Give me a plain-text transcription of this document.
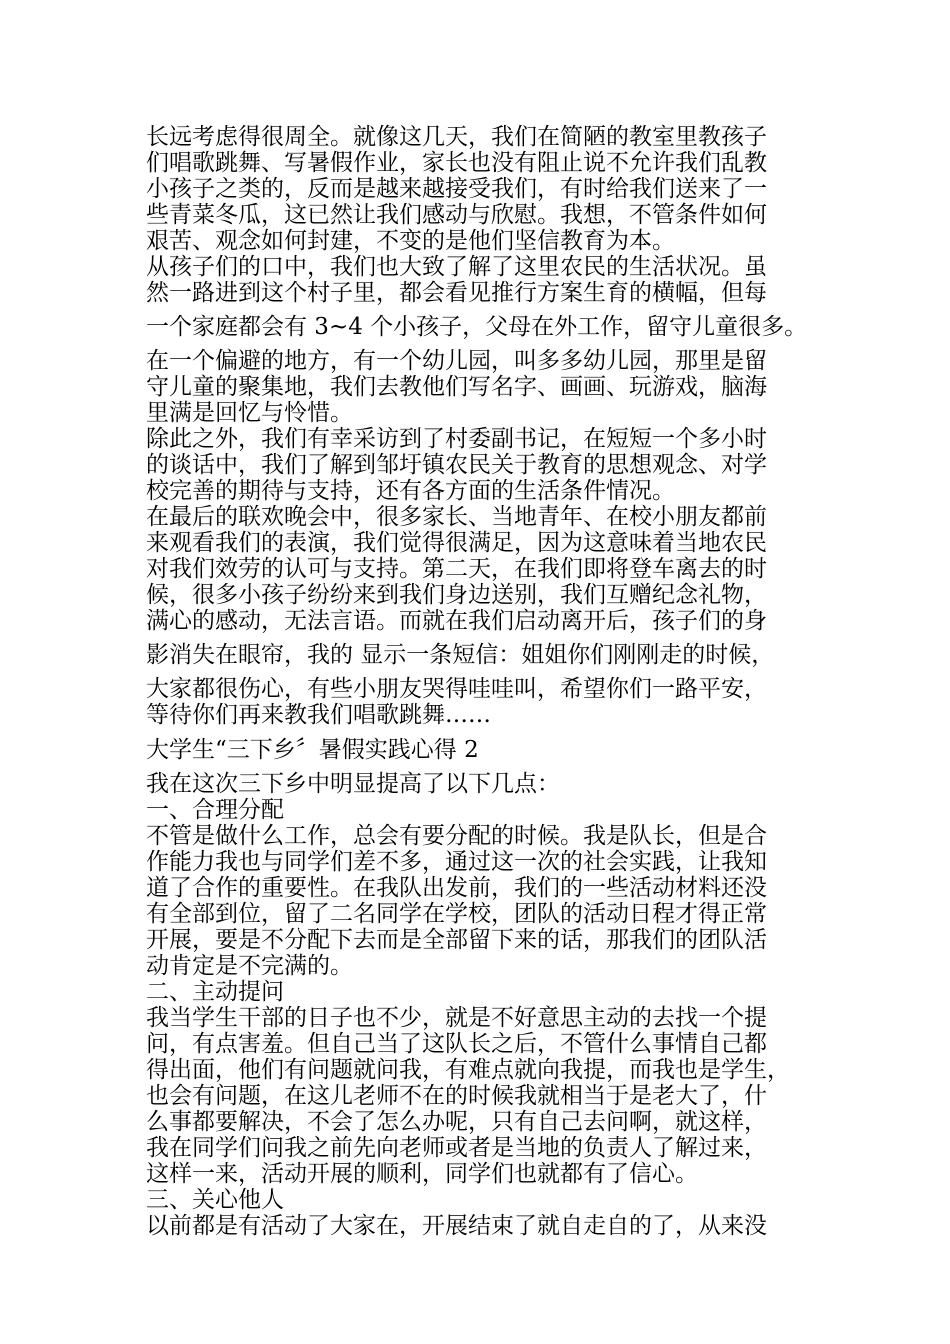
长远考虑得很周全。就像这几天，我们在简陋的教室里教孩子
们唱歌跳舞、写暑假作业，家长也没有阻止说不允许我们乱教
小孩子之类的，反而是越来越接受我们，有时给我们送来了一
些青菜冬瓜，这已然让我们感动与欣慰。我想，不管条件如何
艰苦、观念如何封建，不变的是他们坚信教育为本。
从孩子们的口中，我们也大致了解了这里农民的生活状况。虽
然一路进到这个村子里，都会看见推行方案生育的横幅，但每
一个家庭都会有 3~4 个小孩子，父母在外工作，留守儿童很多。
在一个偏避的地方，有一个幼儿园，叫多多幼儿园，那里是留
守儿童的聚集地，我们去教他们写名字、画画、玩游戏，脑海
里满是回忆与怜惜。
除此之外，我们有幸采访到了村委副书记，在短短一个多小时
的谈话中，我们了解到邹圩镇农民关于教育的思想观念、对学
校完善的期待与支持，还有各方面的生活条件情况。
在最后的联欢晚会中，很多家长、当地青年、在校小朋友都前
来观看我们的表演，我们觉得很满足，因为这意味着当地农民
对我们效劳的认可与支持。第二天，在我们即将登车离去的时
候，很多小孩子纷纷来到我们身边送别，我们互赠纪念礼物，
满心的感动，无法言语。而就在我们启动离开后，孩子们的身
影消失在眼帘，我的 显示一条短信：姐姐你们刚刚走的时候，
大家都很伤心，有些小朋友哭得哇哇叫，希望你们一路平安，
等待你们再来教我们唱歌跳舞……
大学生“三下乡〞暑假实践心得 2
我在这次三下乡中明显提高了以下几点：
一、合理分配
不管是做什么工作，总会有要分配的时候。我是队长，但是合
作能力我也与同学们差不多，通过这一次的社会实践，让我知
道了合作的重要性。在我队出发前，我们的一些活动材料还没
有全部到位，留了二名同学在学校，团队的活动日程才得正常
开展，要是不分配下去而是全部留下来的话，那我们的团队活
动肯定是不完满的。
二、主动提问
我当学生干部的日子也不少，就是不好意思主动的去找一个提
问，有点害羞。但自己当了这队长之后，不管什么事情自己都
得出面，他们有问题就问我，有难点就向我提，而我也是学生，
也会有问题，在这儿老师不在的时候我就相当于是老大了，什
么事都要解决，不会了怎么办呢，只有自己去问啊，就这样，
我在同学们问我之前先向老师或者是当地的负责人了解过来，
这样一来，活动开展的顺利，同学们也就都有了信心。
三、关心他人
以前都是有活动了大家在，开展结束了就自走自的了，从来没
